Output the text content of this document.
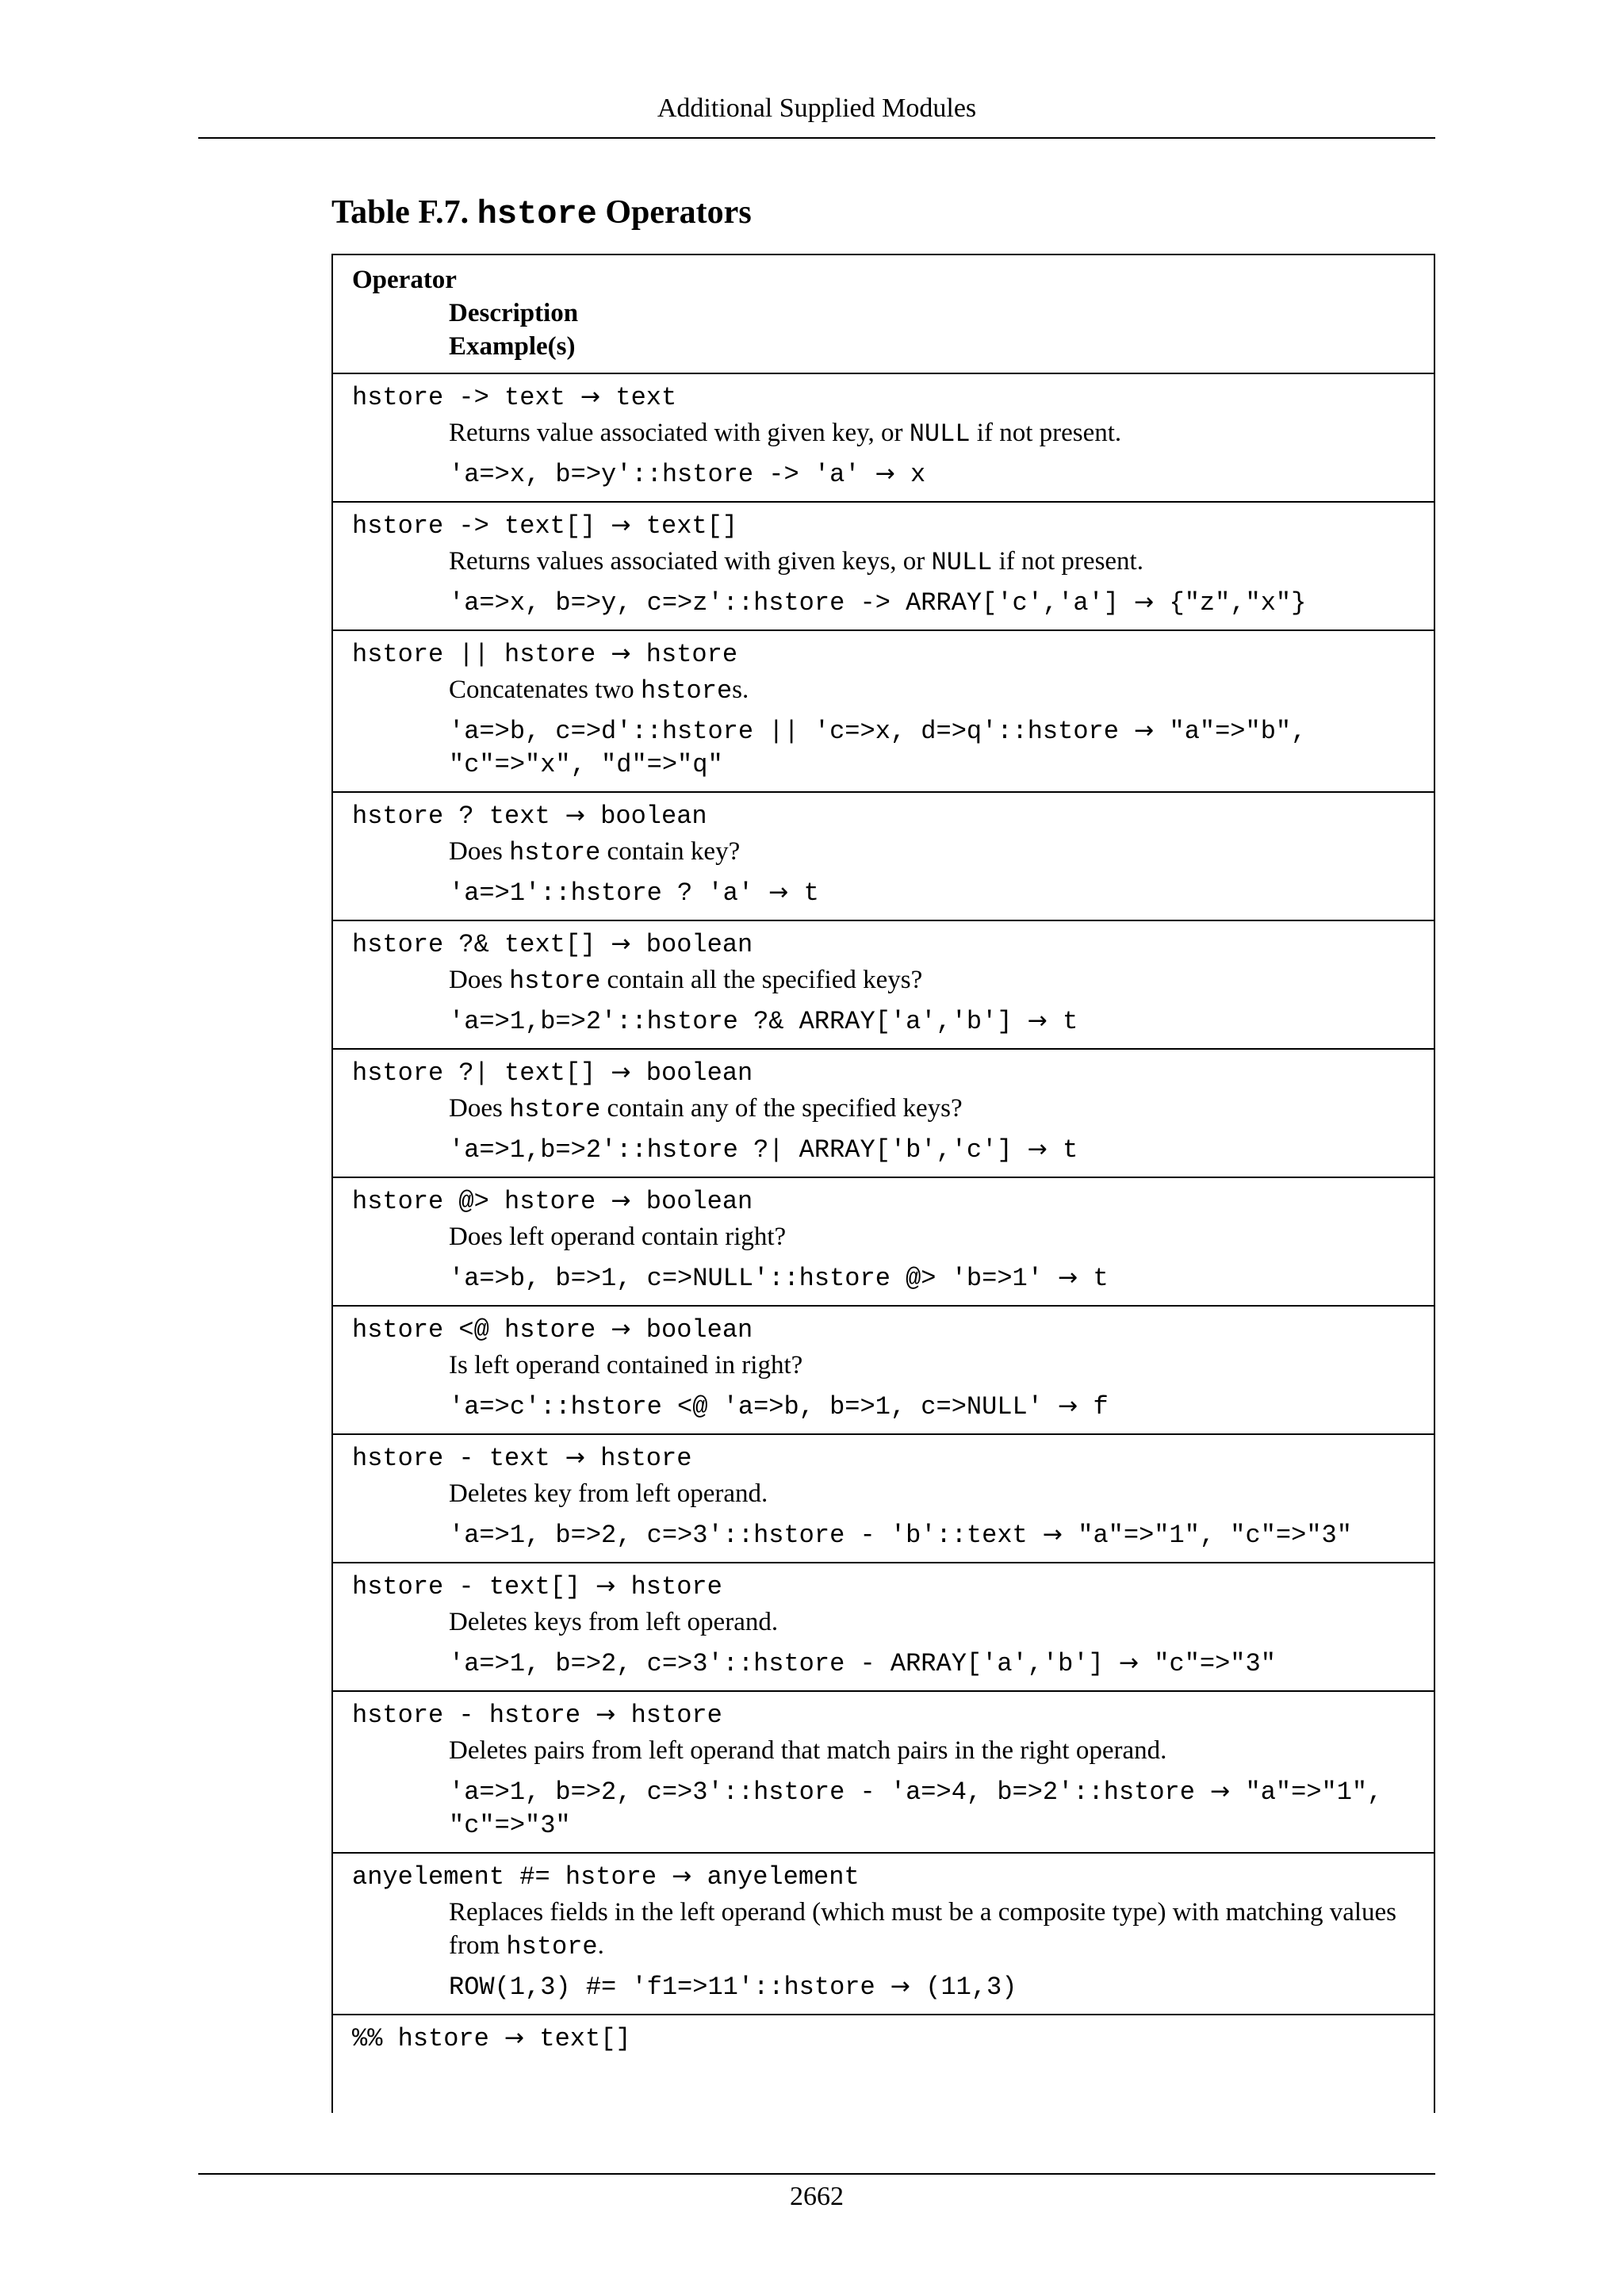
Additional Supplied Modules
Table F.7. hstore Operators
Operator
Description
Example(s)
hstore -> text → text
Returns value associated with given key, or NULL if not present.
'a=>x, b=>y'::hstore -> 'a' → x
hstore -> text[] → text[]
Returns values associated with given keys, or NULL if not present.
'a=>x, b=>y, c=>z'::hstore -> ARRAY['c','a'] → {"z","x"}
hstore || hstore → hstore
Concatenates two hstores.
'a=>b, c=>d'::hstore || 'c=>x, d=>q'::hstore → "a"=>"b", "c"=>"x", "d"=>"q"
hstore ? text → boolean
Does hstore contain key?
'a=>1'::hstore ? 'a' → t
hstore ?& text[] → boolean
Does hstore contain all the specified keys?
'a=>1,b=>2'::hstore ?& ARRAY['a','b'] → t
hstore ?| text[] → boolean
Does hstore contain any of the specified keys?
'a=>1,b=>2'::hstore ?| ARRAY['b','c'] → t
hstore @> hstore → boolean
Does left operand contain right?
'a=>b, b=>1, c=>NULL'::hstore @> 'b=>1' → t
hstore <@ hstore → boolean
Is left operand contained in right?
'a=>c'::hstore <@ 'a=>b, b=>1, c=>NULL' → f
hstore - text → hstore
Deletes key from left operand.
'a=>1, b=>2, c=>3'::hstore - 'b'::text → "a"=>"1", "c"=>"3"
hstore - text[] → hstore
Deletes keys from left operand.
'a=>1, b=>2, c=>3'::hstore - ARRAY['a','b'] → "c"=>"3"
hstore - hstore → hstore
Deletes pairs from left operand that match pairs in the right operand.
'a=>1, b=>2, c=>3'::hstore - 'a=>4, b=>2'::hstore → "a"=>"1", "c"=>"3"
anyelement #= hstore → anyelement
Replaces fields in the left operand (which must be a composite type) with matching values from hstore.
ROW(1,3) #= 'f1=>11'::hstore → (11,3)
%% hstore → text[]
2662
